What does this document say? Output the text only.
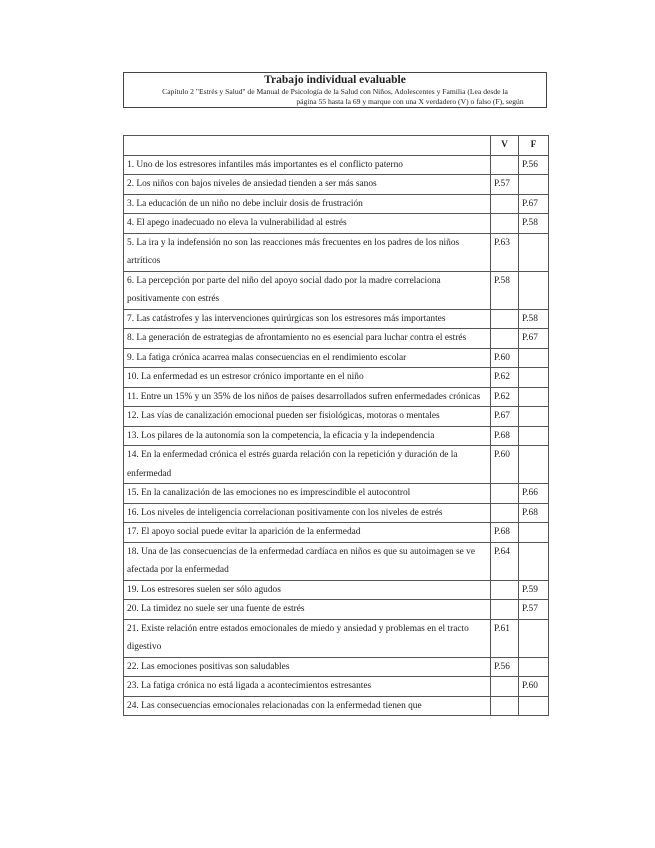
Trabajo individual evaluable
Capítulo 2 "Estrés y Salud" de Manual de Psicología de la Salud con Niños, Adolescentes y Familia (Lea desde la
página 55 hasta la 69 y marque con una X verdadero (V) o falso (F), según
	V	F
1. Uno de los estresores infantiles más importantes es el conflicto paterno		P.56
2. Los niños con bajos niveles de ansiedad tienden a ser más sanos	P.57	
3. La educación de un niño no debe incluir dosis de frustración		P.67
4. El apego inadecuado no eleva la vulnerabilidad al estrés		P.58
5. La ira y la indefensión no son las reacciones más frecuentes en los padres de los niños artríticos	P.63	
6. La percepción por parte del niño del apoyo social dado por la madre correlaciona positivamente con estrés	P.58	
7. Las catástrofes y las intervenciones quirúrgicas son los estresores más importantes		P.58
8. La generación de estrategias de afrontamiento no es esencial para luchar contra el estrés		P.67
9. La fatiga crónica acarrea malas consecuencias en el rendimiento escolar	P.60	
10. La enfermedad es un estresor crónico importante en el niño	P.62	
11. Entre un 15% y un 35% de los niños de países desarrollados sufren enfermedades crónicas	P.62	
12. Las vías de canalización emocional pueden ser fisiológicas, motoras o mentales	P.67	
13. Los pilares de la autonomía son la competencia, la eficacia y la independencia	P.68	
14. En la enfermedad crónica el estrés guarda relación con la repetición y duración de la enfermedad	P.60	
15. En la canalización de las emociones no es imprescindible el autocontrol		P.66
16. Los niveles de inteligencia correlacionan positivamente con los niveles de estrés		P.68
17. El apoyo social puede evitar la aparición de la enfermedad	P.68	
18. Una de las consecuencias de la enfermedad cardíaca en niños es que su autoimagen se ve afectada por la enfermedad	P.64	
19. Los estresores suelen ser sólo agudos		P.59
20. La timidez no suele ser una fuente de estrés		P.57
21. Existe relación entre estados emocionales de miedo y ansiedad y problemas en el tracto digestivo	P.61	
22. Las emociones positivas son saludables	P.56	
23. La fatiga crónica no está ligada a acontecimientos estresantes		P.60
24. Las consecuencias emocionales relacionadas con la enfermedad tienen que		
